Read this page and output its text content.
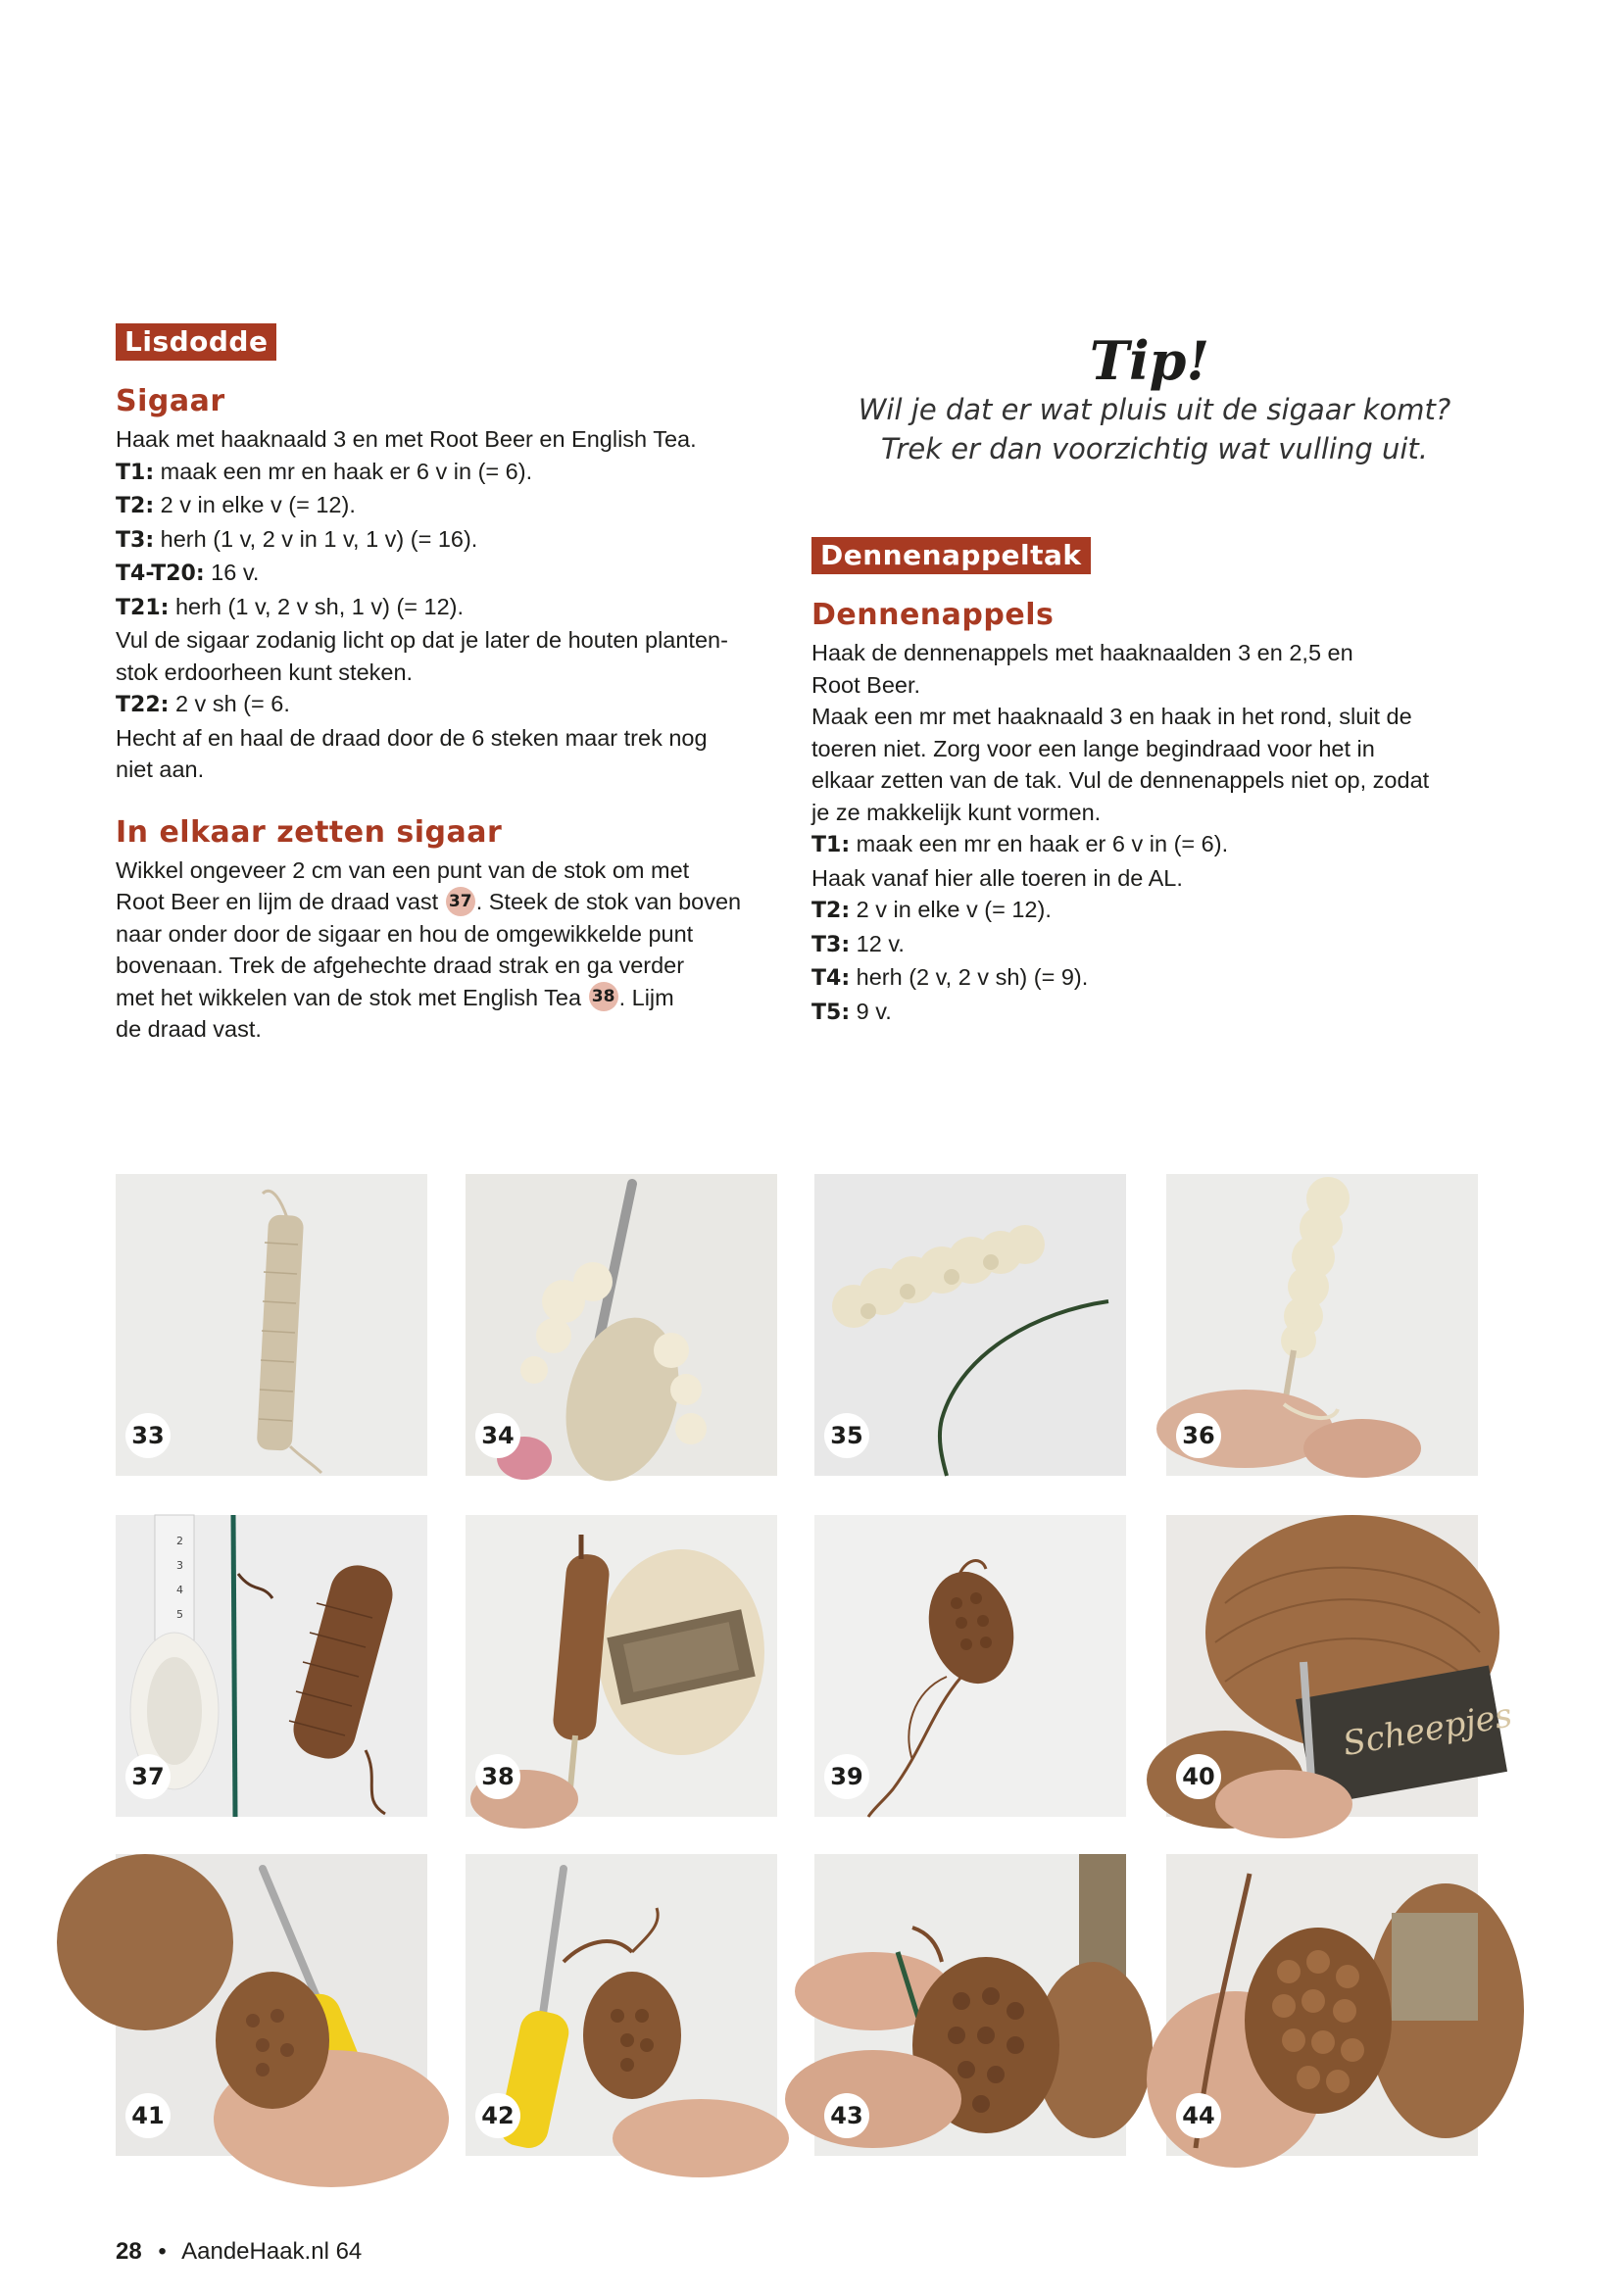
Lisdodde
Sigaar

Haak met haaknaald 3 en met Root Beer en English Tea.

T1: maak een mr en haak er 6 v in (= 6).

T2: 2 v in elke v (= 12).

T3: herh (1 v, 2 v in 1 v, 1 v) (= 16).

T4-T20: 16 v.

T21: herh (1 v, 2 v sh, 1 v) (= 12).

Vul de sigaar zodanig licht op dat je later de houten planten-

stok erdoorheen kunt steken.

T22: 2 v sh (= 6.

Hecht af en haal de draad door de 6 steken maar trek nog

niet aan.

In elkaar zetten sigaar

Wikkel ongeveer 2 cm van een punt van de stok om met

Root Beer en lijm de draad vast 37 . Steek de stok van boven

naar onder door de sigaar en hou de omgewikkelde punt

bovenaan. Trek de afgehechte draad strak en ga verder

met het wikkelen van de stok met English Tea 38 . Lijm

de draad vast.

Tip!
Wil je dat er wat pluis uit de sigaar komt?
Trek er dan voorzichtig wat vulling uit.
Dennenappeltak
Dennenappels

Haak de dennenappels met haaknaalden 3 en 2,5 en

Root Beer.

Maak een mr met haaknaald 3 en haak in het rond, sluit de

toeren niet. Zorg voor een lange begindraad voor het in

elkaar zetten van de tak. Vul de dennenappels niet op, zodat

je ze makkelijk kunt vormen.

T1: maak een mr en haak er 6 v in (= 6).

Haak vanaf hier alle toeren in de AL.

T2: 2 v in elke v (= 12).

T3: 12 v.

T4: herh (2 v, 2 v sh) (= 9).

T5: 9 v.

33	34	35	36
2
3
4
5
37	38	39
Scheepjes
40
41	42	43	44
28 • AandeHaak.nl 64
